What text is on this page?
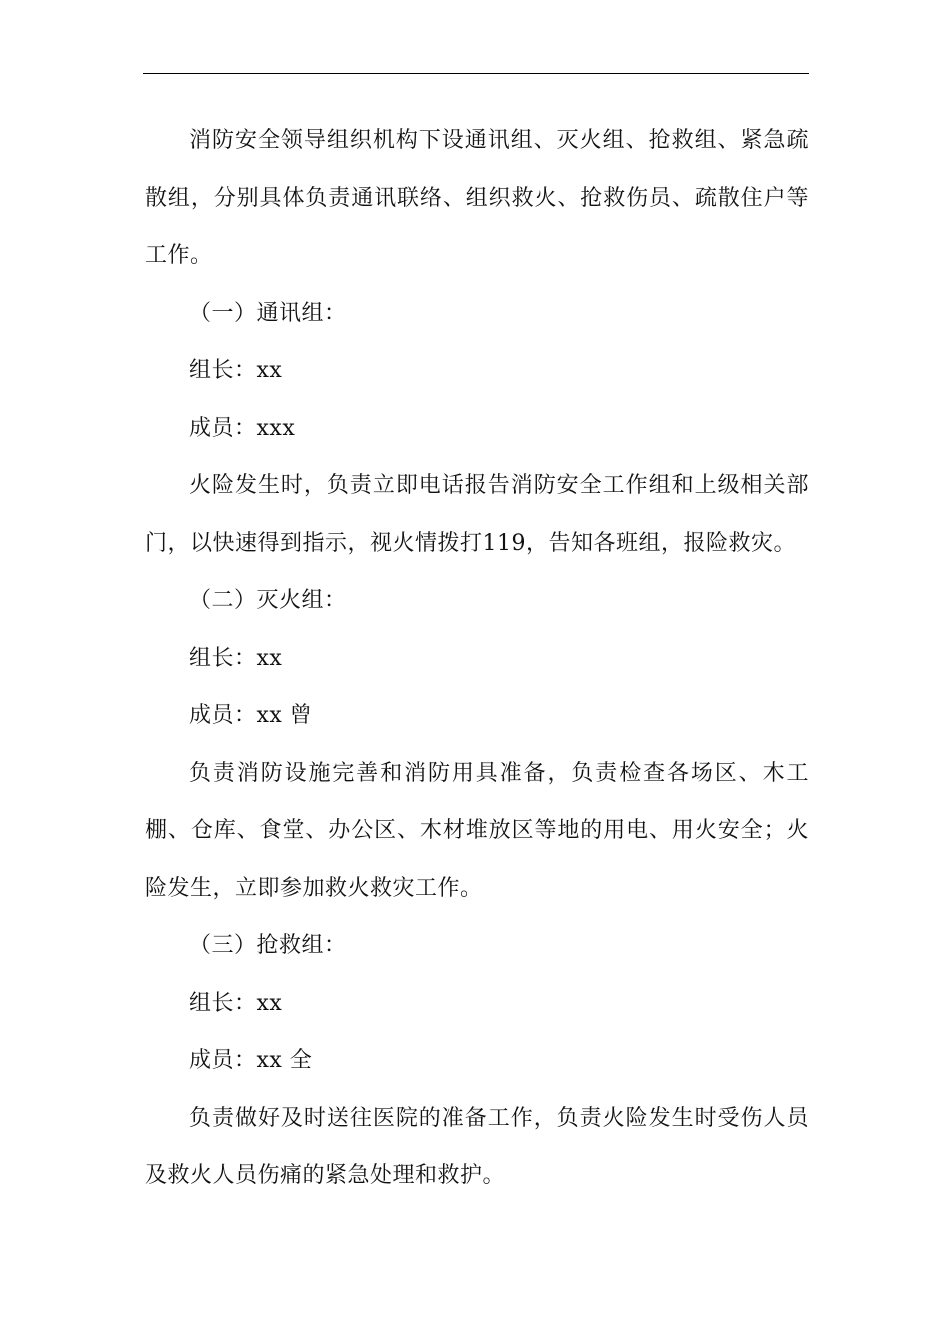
消防安全领导组织机构下设通讯组、灭火组、抢救组、紧急疏散组，分别具体负责通讯联络、组织救火、抢救伤员、疏散住户等工作。

（一）通讯组：

组长：xx

成员：xxx

火险发生时，负责立即电话报告消防安全工作组和上级相关部门，以快速得到指示，视火情拨打119，告知各班组，报险救灾。

（二）灭火组：

组长：xx

成员：xx 曾

负责消防设施完善和消防用具准备，负责检查各场区、木工棚、仓库、食堂、办公区、木材堆放区等地的用电、用火安全；火险发生，立即参加救火救灾工作。

（三）抢救组：

组长：xx

成员：xx 全

负责做好及时送往医院的准备工作，负责火险发生时受伤人员及救火人员伤痛的紧急处理和救护。
